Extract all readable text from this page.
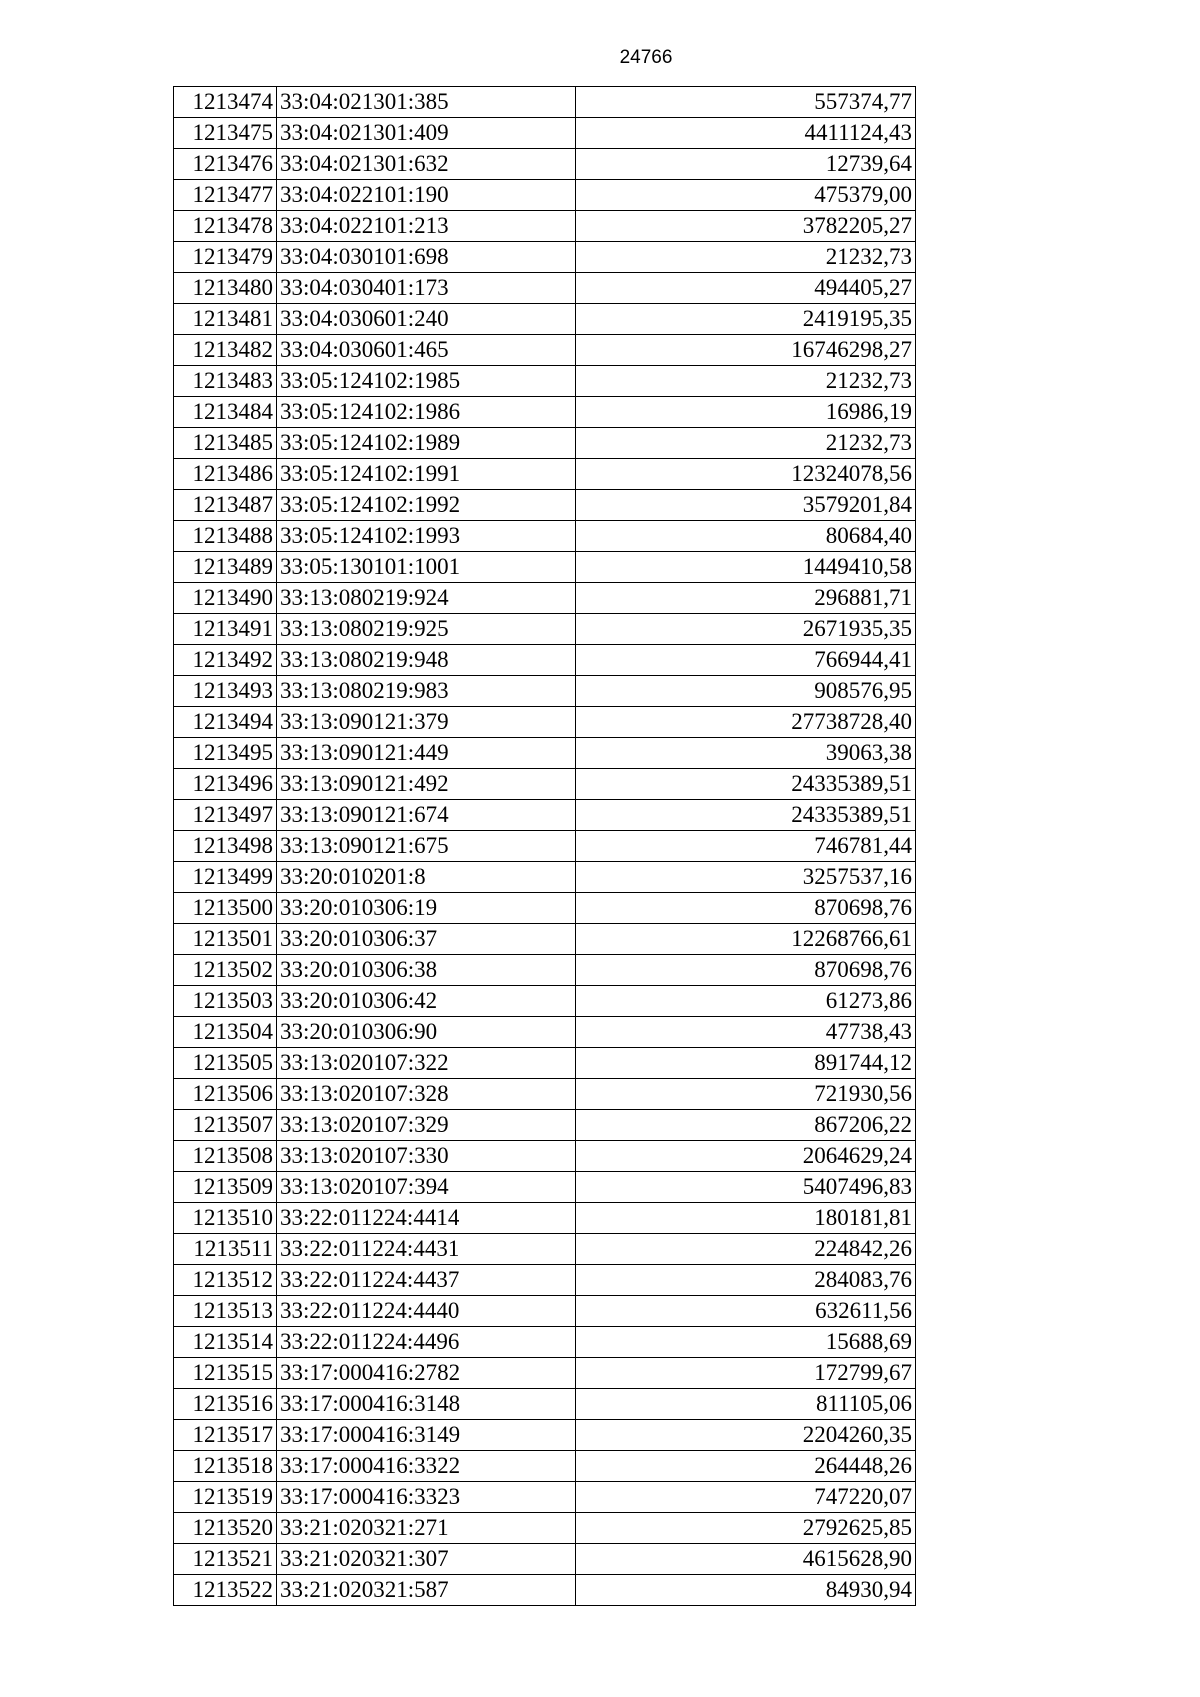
24766
1213474	33:04:021301:385	557374,77
1213475	33:04:021301:409	4411124,43
1213476	33:04:021301:632	12739,64
1213477	33:04:022101:190	475379,00
1213478	33:04:022101:213	3782205,27
1213479	33:04:030101:698	21232,73
1213480	33:04:030401:173	494405,27
1213481	33:04:030601:240	2419195,35
1213482	33:04:030601:465	16746298,27
1213483	33:05:124102:1985	21232,73
1213484	33:05:124102:1986	16986,19
1213485	33:05:124102:1989	21232,73
1213486	33:05:124102:1991	12324078,56
1213487	33:05:124102:1992	3579201,84
1213488	33:05:124102:1993	80684,40
1213489	33:05:130101:1001	1449410,58
1213490	33:13:080219:924	296881,71
1213491	33:13:080219:925	2671935,35
1213492	33:13:080219:948	766944,41
1213493	33:13:080219:983	908576,95
1213494	33:13:090121:379	27738728,40
1213495	33:13:090121:449	39063,38
1213496	33:13:090121:492	24335389,51
1213497	33:13:090121:674	24335389,51
1213498	33:13:090121:675	746781,44
1213499	33:20:010201:8	3257537,16
1213500	33:20:010306:19	870698,76
1213501	33:20:010306:37	12268766,61
1213502	33:20:010306:38	870698,76
1213503	33:20:010306:42	61273,86
1213504	33:20:010306:90	47738,43
1213505	33:13:020107:322	891744,12
1213506	33:13:020107:328	721930,56
1213507	33:13:020107:329	867206,22
1213508	33:13:020107:330	2064629,24
1213509	33:13:020107:394	5407496,83
1213510	33:22:011224:4414	180181,81
1213511	33:22:011224:4431	224842,26
1213512	33:22:011224:4437	284083,76
1213513	33:22:011224:4440	632611,56
1213514	33:22:011224:4496	15688,69
1213515	33:17:000416:2782	172799,67
1213516	33:17:000416:3148	811105,06
1213517	33:17:000416:3149	2204260,35
1213518	33:17:000416:3322	264448,26
1213519	33:17:000416:3323	747220,07
1213520	33:21:020321:271	2792625,85
1213521	33:21:020321:307	4615628,90
1213522	33:21:020321:587	84930,94
